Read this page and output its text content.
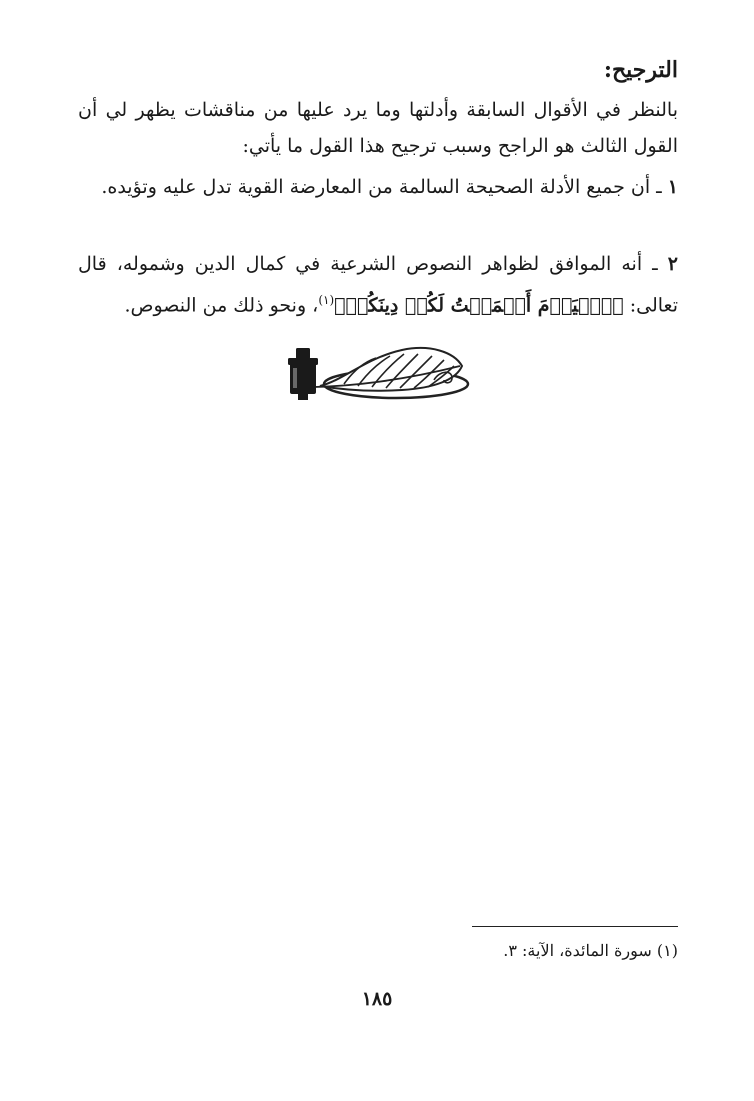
الترجيح:

بالنظر في الأقوال السابقة وأدلتها وما يرد عليها من مناقشات يظهر لي أن القول الثالث هو الراجح وسبب ترجيح هذا القول ما يأتي:

١ ـ أن جميع الأدلة الصحيحة السالمة من المعارضة القوية تدل عليه وتؤيده.

٢ ـ أنه الموافق لظواهر النصوص الشرعية في كمال الدين وشموله، قال تعالى: ﴿ٱلۡيَوۡمَ أَكۡمَلۡتُ لَكُمۡ دِينَكُمۡ﴾$^{(١)}$، ونحو ذلك من النصوص.

(١) سورة المائدة، الآية: ٣.
١٨٥
